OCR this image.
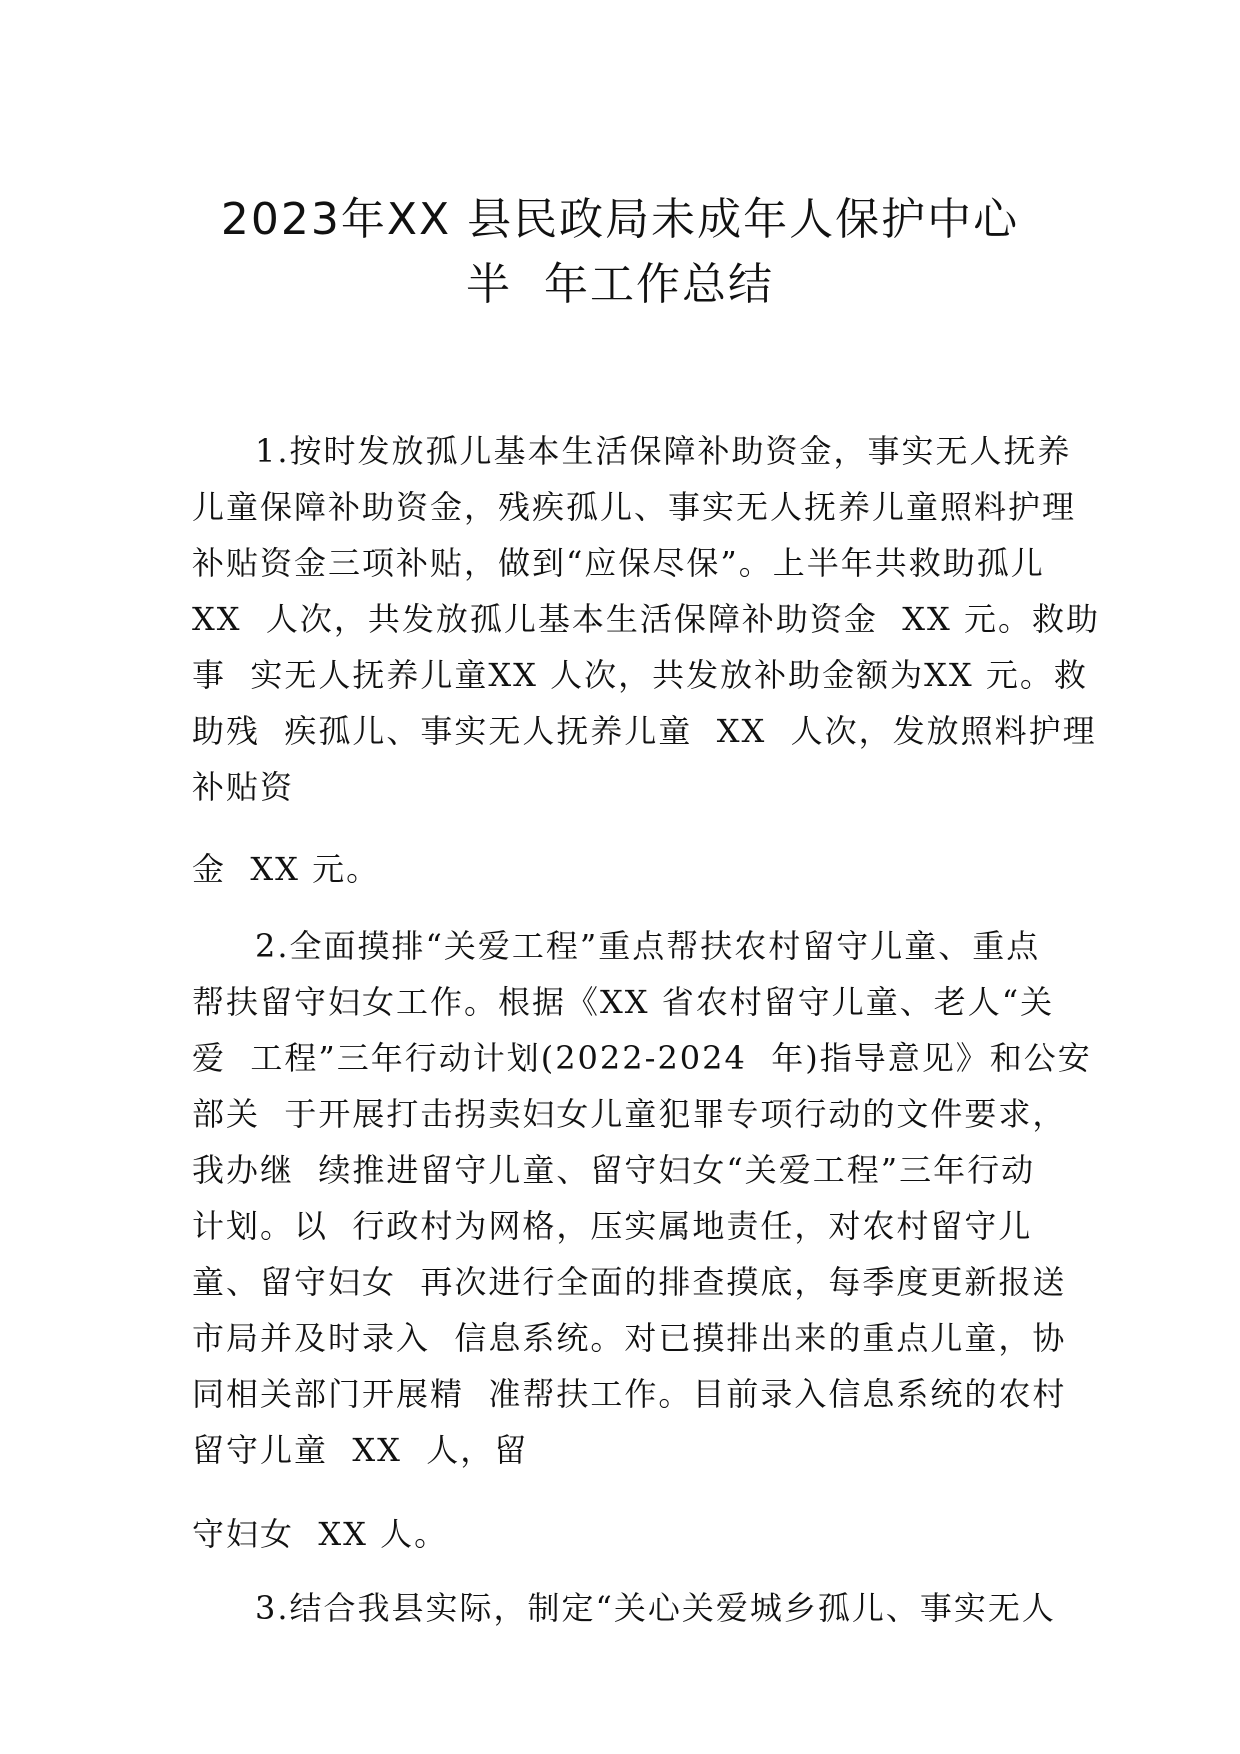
2023年XX 县民政局未成年人保护中心
半  年工作总结

1.按时发放孤儿基本生活保障补助资金，事实无人抚养

儿童保障补助资金，残疾孤儿、事实无人抚养儿童照料护理

补贴资金三项补贴，做到“应保尽保”。上半年共救助孤儿

XX  人次，共发放孤儿基本生活保障补助资金  XX 元。救助

事  实无人抚养儿童XX 人次，共发放补助金额为XX 元。救

助残  疾孤儿、事实无人抚养儿童  XX  人次，发放照料护理

补贴资

金  XX 元。

2.全面摸排“关爱工程”重点帮扶农村留守儿童、重点

帮扶留守妇女工作。根据《XX 省农村留守儿童、老人“关

爱  工程”三年行动计划(2022-2024  年)指导意见》和公安

部关  于开展打击拐卖妇女儿童犯罪专项行动的文件要求，

我办继  续推进留守儿童、留守妇女“关爱工程”三年行动

计划。以  行政村为网格，压实属地责任，对农村留守儿

童、留守妇女  再次进行全面的排查摸底，每季度更新报送

市局并及时录入  信息系统。对已摸排出来的重点儿童，协

同相关部门开展精  准帮扶工作。目前录入信息系统的农村

留守儿童  XX  人，留

守妇女  XX 人。

3.结合我县实际，制定“关心关爱城乡孤儿、事实无人
